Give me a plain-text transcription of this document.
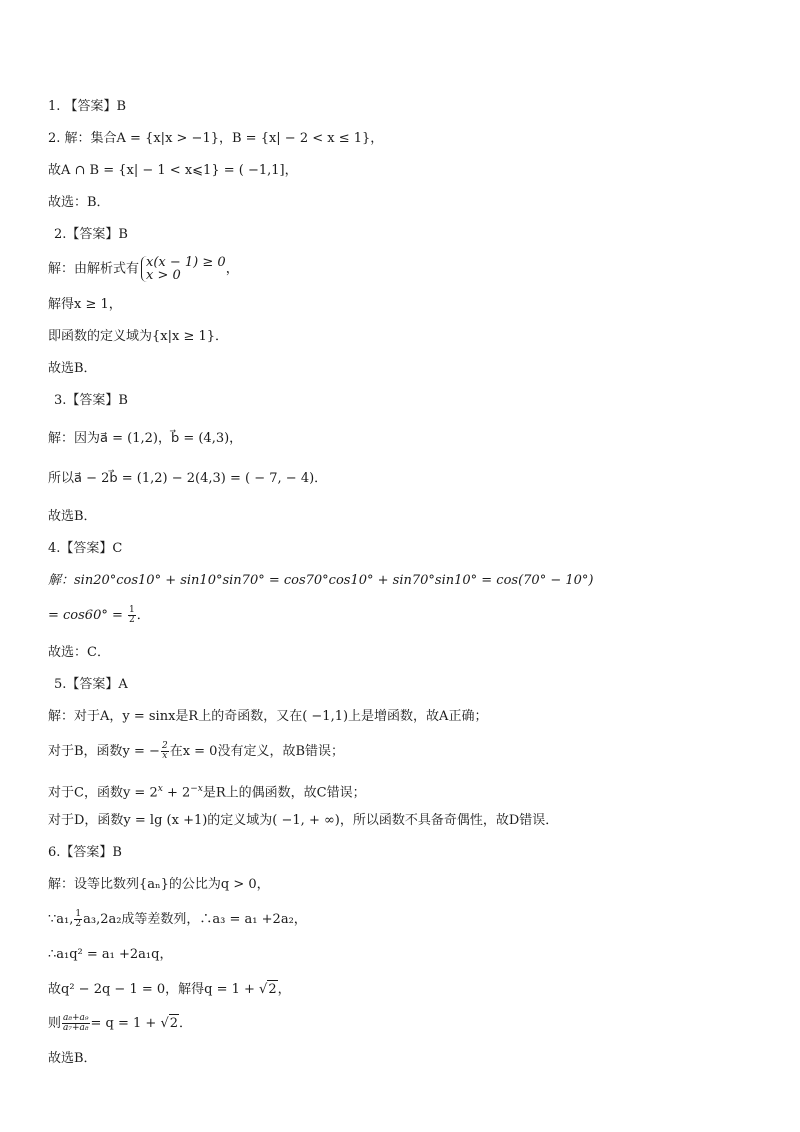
1. 【答案】B
2. 解：集合A = {x|x > −1}，B = {x| − 2 < x ≤ 1}，
故A ∩ B = {x| − 1 < x⩽1} = ( −1,1]，
故选：B．
2.【答案】B
解：由解析式有 x(x − 1) ≥ 0
x > 0	，
解得x ≥ 1，
即函数的定义域为{x|x ≥ 1}．
故选B．
3.【答案】B
解：因为a⃗ = (1,2)，b⃗ = (4,3)，
所以a⃗ − 2b⃗ = (1,2) − 2(4,3) = ( − 7, − 4)．
故选B．
4.【答案】C
解：sin20°cos10° + sin10°sin70° = cos70°cos10° + sin70°sin10° = cos(70° − 10°)
= $\cos 60^\circ = \frac{1}{2}$ ．
故选：C．
5.【答案】A
解：对于A，y = sinx是R上的奇函数，又在( −1,1)上是增函数，故A正确；
对于B，函数y = − $\frac{2}{x}$ 在x = 0没有定义，故B错误；
对于C，函数$y = 2^x + 2^{-x}$是R上的偶函数，故C错误；
对于D，函数y = lg (x +1)的定义域为( −1, + ∞)，所以函数不具备奇偶性，故D错误．
6.【答案】B
解：设等比数列{aₙ}的公比为q > 0，
∵a₁, $\frac{1}{2} a_3,2a_2$成等差数列，∴a₃ = a₁ +2a₂，
∴a₁q² = a₁ +2a₁q，
故q² − 2q − 1 = 0，解得q = 1 + √2，
则 $\frac{\text{a₈+a₉}}{\text{a₇+a₈}} = q = 1 + √2$．
故选B．
